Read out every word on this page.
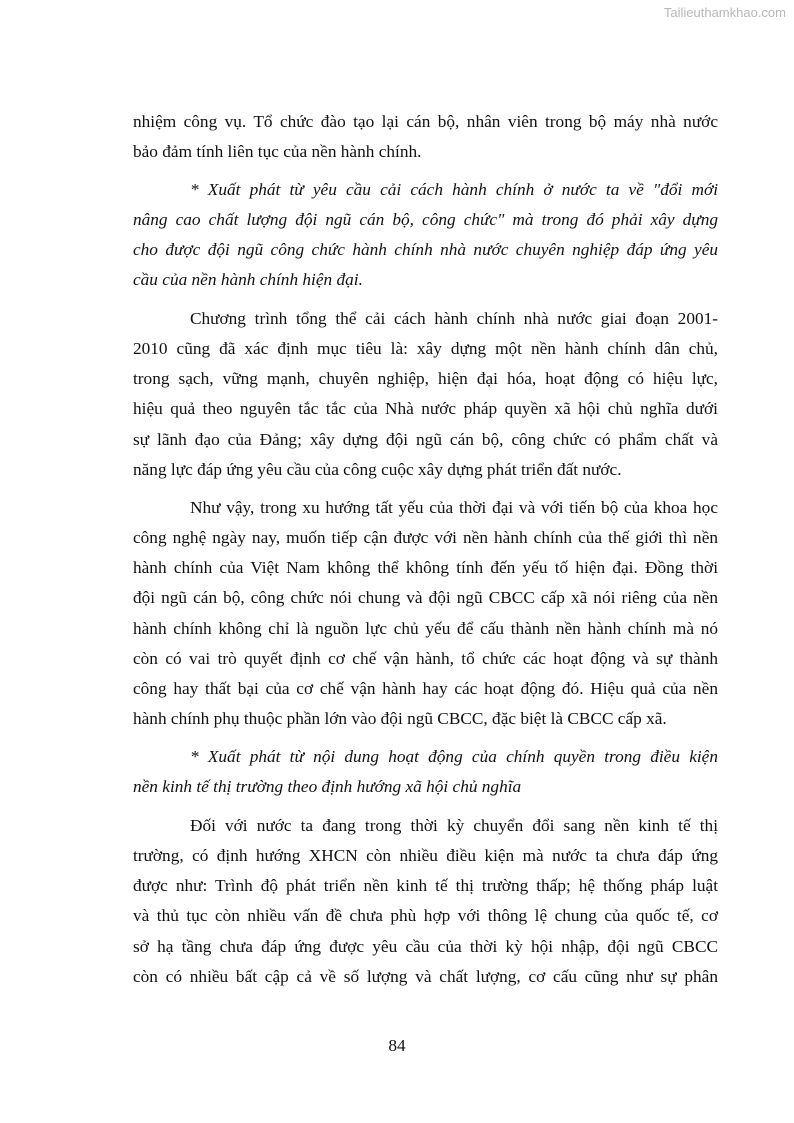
Tailieuthamkhao.com
nhiệm công vụ. Tổ chức đào tạo lại cán bộ, nhân viên trong bộ máy nhà nước
bảo đảm tính liên tục của nền hành chính.
* Xuất phát từ yêu cầu cải cách hành chính ở nước ta về "đổi mới
nâng cao chất lượng đội ngũ cán bộ, công chức" mà trong đó phải xây dựng
cho được đội ngũ công chức hành chính nhà nước chuyên nghiệp đáp ứng yêu
cầu của nền hành chính hiện đại.
Chương trình tổng thể cải cách hành chính nhà nước giai đoạn 2001-
2010 cũng đã xác định mục tiêu là: xây dựng một nền hành chính dân chủ,
trong sạch, vững mạnh, chuyên nghiệp, hiện đại hóa, hoạt động có hiệu lực,
hiệu quả theo nguyên tắc tắc của Nhà nước pháp quyền xã hội chủ nghĩa dưới
sự lãnh đạo của Đảng; xây dựng đội ngũ cán bộ, công chức có phẩm chất và
năng lực đáp ứng yêu cầu của công cuộc xây dựng phát triển đất nước.
Như vậy, trong xu hướng tất yếu của thời đại và với tiến bộ của khoa học
công nghệ ngày nay, muốn tiếp cận được với nền hành chính của thế giới thì nền
hành chính của Việt Nam không thể không tính đến yếu tố hiện đại. Đồng thời
đội ngũ cán bộ, công chức nói chung và đội ngũ CBCC cấp xã nói riêng của nền
hành chính không chỉ là nguồn lực chủ yếu để cấu thành nền hành chính mà nó
còn có vai trò quyết định cơ chế vận hành, tổ chức các hoạt động và sự thành
công hay thất bại của cơ chế vận hành hay các hoạt động đó. Hiệu quả của nền
hành chính phụ thuộc phần lớn vào đội ngũ CBCC, đặc biệt là CBCC cấp xã.
* Xuất phát từ nội dung hoạt động của chính quyền trong điều kiện
nền kinh tế thị trường theo định hướng xã hội chủ nghĩa
Đối với nước ta đang trong thời kỳ chuyển đổi sang nền kinh tế thị
trường, có định hướng XHCN còn nhiều điều kiện mà nước ta chưa đáp ứng
được như: Trình độ phát triển nền kinh tế thị trường thấp; hệ thống pháp luật
và thủ tục còn nhiều vấn đề chưa phù hợp với thông lệ chung của quốc tế, cơ
sở hạ tầng chưa đáp ứng được yêu cầu của thời kỳ hội nhập, đội ngũ CBCC
còn có nhiều bất cập cả về số lượng và chất lượng, cơ cấu cũng như sự phân
84
